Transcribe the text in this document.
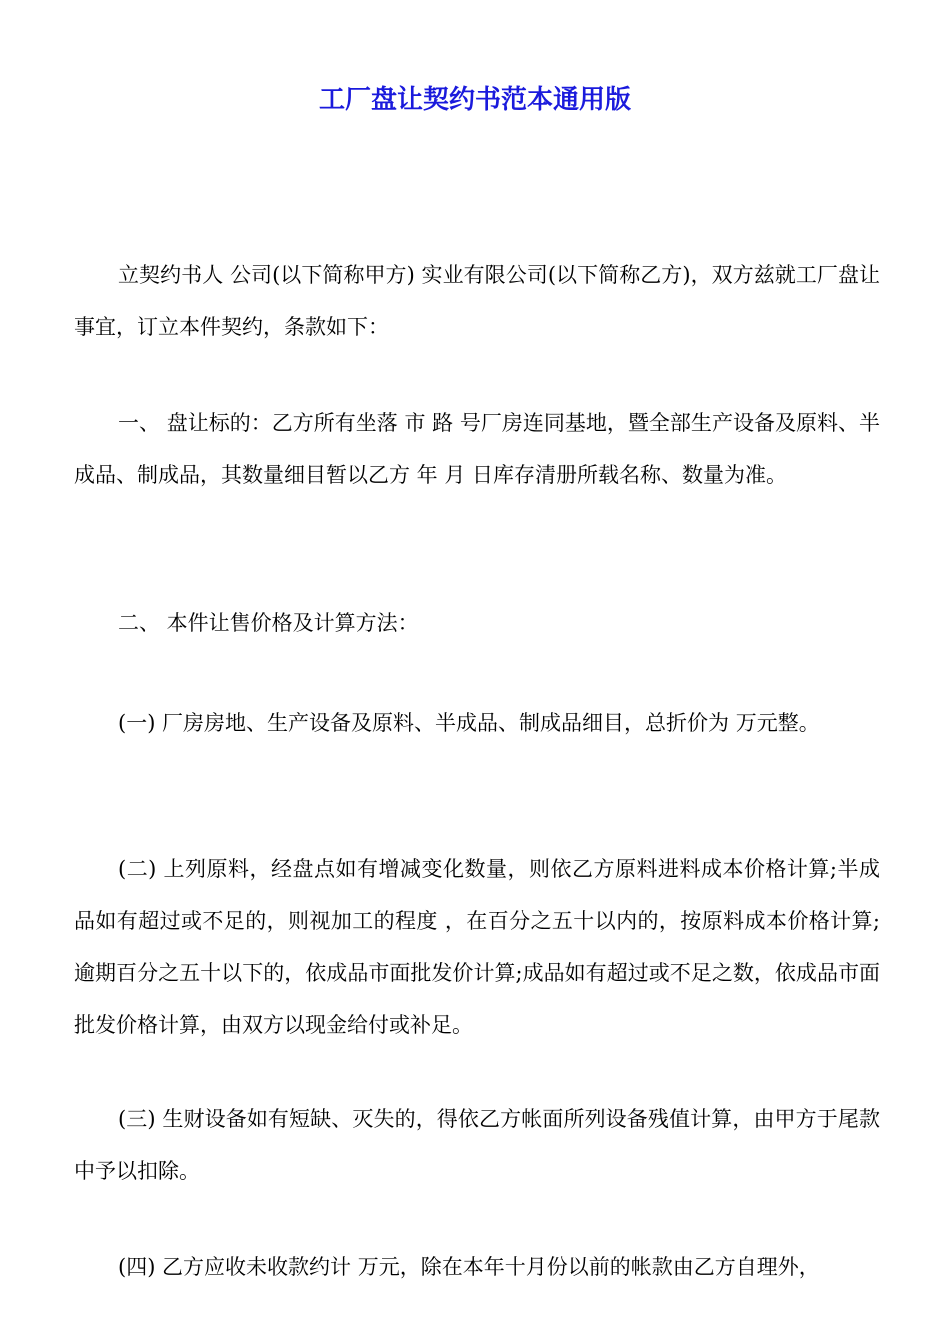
工厂盘让契约书范本通用版

立契约书人 公司(以下简称甲方) 实业有限公司(以下简称乙方)，双方兹就工厂盘让事宜，订立本件契约，条款如下：

一、 盘让标的：乙方所有坐落 市 路 号厂房连同基地，暨全部生产设备及原料、半成品、制成品，其数量细目暂以乙方 年 月 日库存清册所载名称、数量为准。

二、 本件让售价格及计算方法：

(一) 厂房房地、生产设备及原料、半成品、制成品细目，总折价为 万元整。

(二) 上列原料，经盘点如有增减变化数量，则依乙方原料进料成本价格计算;半成品如有超过或不足的，则视加工的程度 ，在百分之五十以内的，按原料成本价格计算;逾期百分之五十以下的，依成品市面批发价计算;成品如有超过或不足之数，依成品市面批发价格计算，由双方以现金给付或补足。

(三) 生财设备如有短缺、灭失的，得依乙方帐面所列设备残值计算，由甲方于尾款中予以扣除。

(四) 乙方应收未收款约计 万元，除在本年十月份以前的帐款由乙方自理外，
